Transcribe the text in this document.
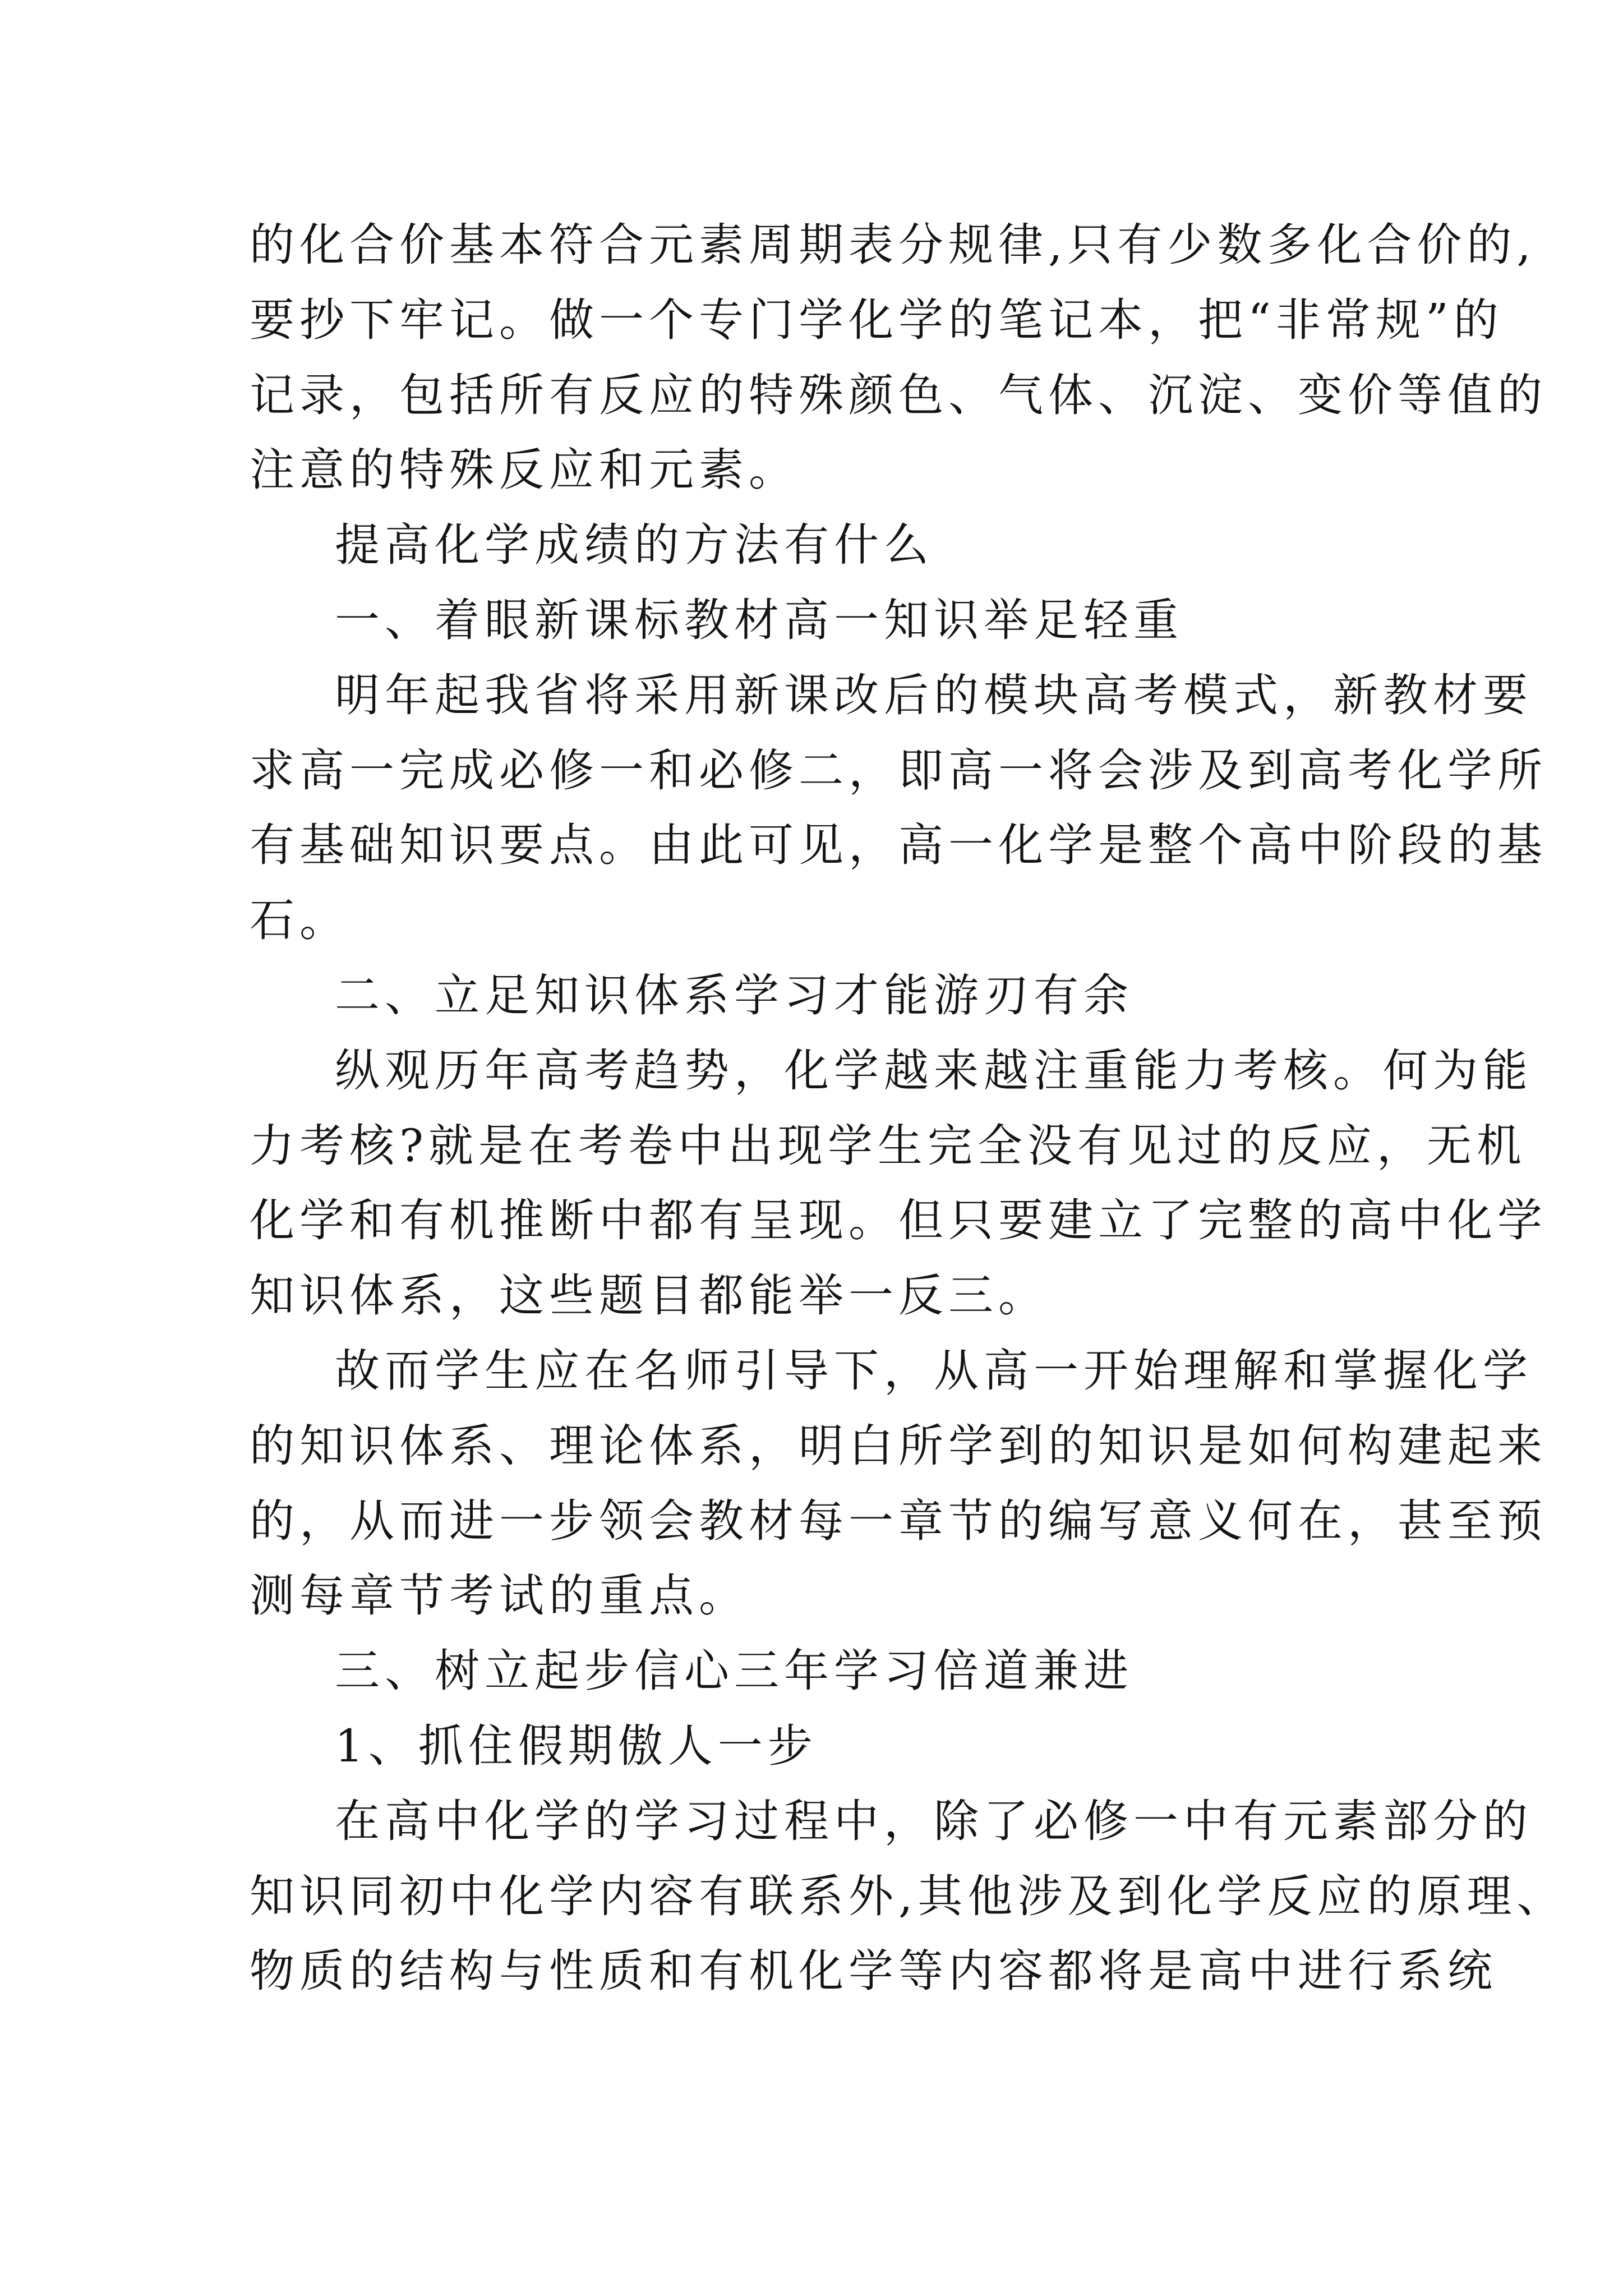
的化合价基本符合元素周期表分规律,只有少数多化合价的,
要抄下牢记。做一个专门学化学的笔记本，把“非常规”的
记录，包括所有反应的特殊颜色、气体、沉淀、变价等值的
注意的特殊反应和元素。
提高化学成绩的方法有什么
一、着眼新课标教材高一知识举足轻重
明年起我省将采用新课改后的模块高考模式，新教材要
求高一完成必修一和必修二，即高一将会涉及到高考化学所
有基础知识要点。由此可见，高一化学是整个高中阶段的基
石。
二、立足知识体系学习才能游刃有余
纵观历年高考趋势，化学越来越注重能力考核。何为能
力考核?就是在考卷中出现学生完全没有见过的反应，无机
化学和有机推断中都有呈现。但只要建立了完整的高中化学
知识体系，这些题目都能举一反三。
故而学生应在名师引导下，从高一开始理解和掌握化学
的知识体系、理论体系，明白所学到的知识是如何构建起来
的，从而进一步领会教材每一章节的编写意义何在，甚至预
测每章节考试的重点。
三、树立起步信心三年学习倍道兼进
1、抓住假期傲人一步
在高中化学的学习过程中，除了必修一中有元素部分的
知识同初中化学内容有联系外,其他涉及到化学反应的原理、
物质的结构与性质和有机化学等内容都将是高中进行系统
